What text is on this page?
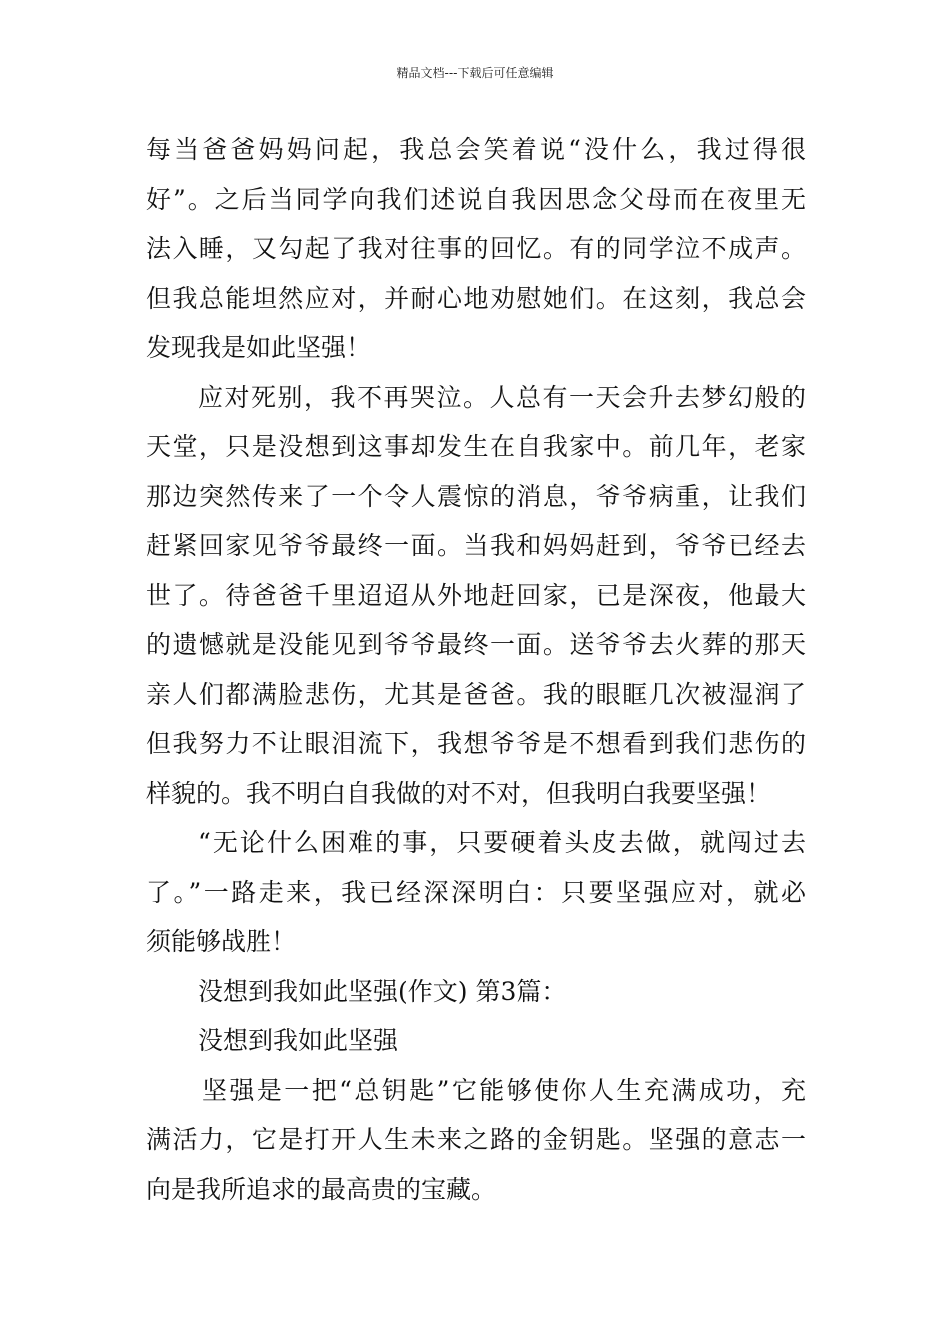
精品文档---下载后可任意编辑
每当爸爸妈妈问起，我总会笑着说“没什么，我过得很
好”。之后当同学向我们述说自我因思念父母而在夜里无
法入睡，又勾起了我对往事的回忆。有的同学泣不成声。
但我总能坦然应对，并耐心地劝慰她们。在这刻，我总会
发现我是如此坚强！
应对死别，我不再哭泣。人总有一天会升去梦幻般的
天堂，只是没想到这事却发生在自我家中。前几年，老家
那边突然传来了一个令人震惊的消息，爷爷病重，让我们
赶紧回家见爷爷最终一面。当我和妈妈赶到，爷爷已经去
世了。待爸爸千里迢迢从外地赶回家，已是深夜，他最大
的遗憾就是没能见到爷爷最终一面。送爷爷去火葬的那天
亲人们都满脸悲伤，尤其是爸爸。我的眼眶几次被湿润了
但我努力不让眼泪流下，我想爷爷是不想看到我们悲伤的
样貌的。我不明白自我做的对不对，但我明白我要坚强！
“无论什么困难的事，只要硬着头皮去做，就闯过去
了。”一路走来，我已经深深明白：只要坚强应对，就必
须能够战胜！
没想到我如此坚强(作文) 第3篇：
没想到我如此坚强
坚强是一把“总钥匙”它能够使你人生充满成功，充
满活力，它是打开人生未来之路的金钥匙。坚强的意志一
向是我所追求的最高贵的宝藏。
